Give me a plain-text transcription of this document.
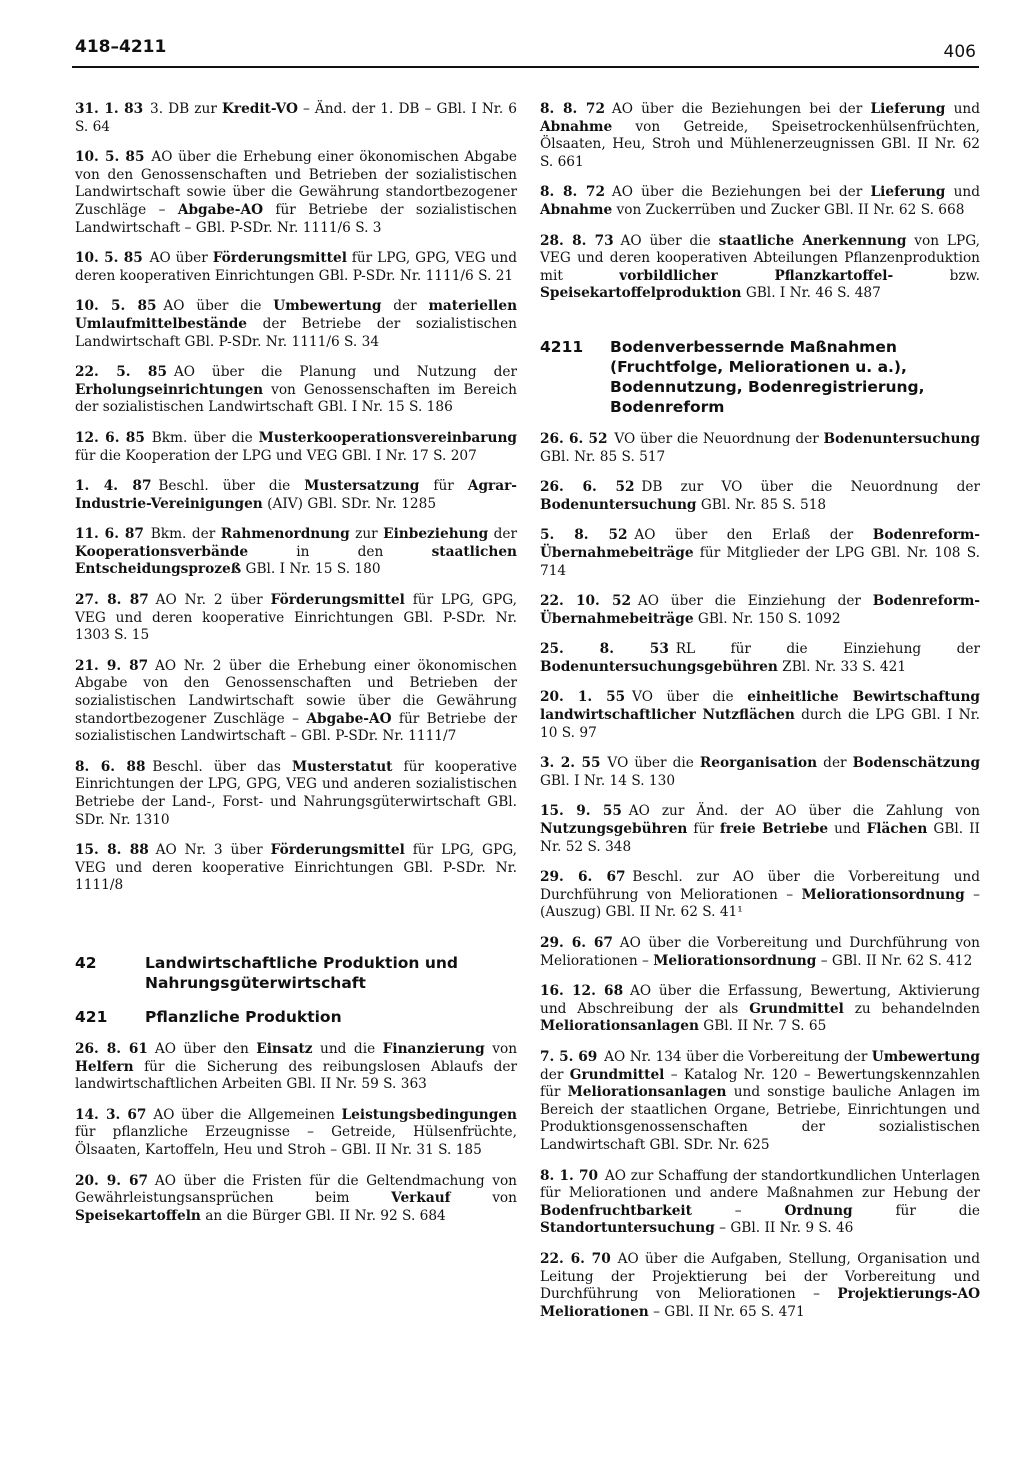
418–4211	406

31. 1. 83  3. DB zur Kredit-VO – Änd. der 1. DB – GBl. I Nr. 6 S. 64

10. 5. 85  AO über die Erhebung einer ökonomischen Abgabe von den Genossenschaften und Betrieben der sozialistischen Landwirtschaft sowie über die Gewährung standortbezogener Zuschläge – Abgabe-AO für Betriebe der sozialistischen Landwirtschaft – GBl. P-SDr. Nr. 1111/6 S. 3

10. 5. 85  AO über Förderungsmittel für LPG, GPG, VEG und deren kooperativen Einrichtungen GBl. P-SDr. Nr. 1111/6 S. 21

10. 5. 85  AO über die Umbewertung der materiellen Umlaufmittelbestände der Betriebe der sozialistischen Landwirtschaft GBl. P-SDr. Nr. 1111/6 S. 34

22. 5. 85  AO über die Planung und Nutzung der Erholungseinrichtungen von Genossenschaften im Bereich der sozialistischen Landwirtschaft GBl. I Nr. 15 S. 186

12. 6. 85  Bkm. über die Musterkooperationsvereinbarung für die Kooperation der LPG und VEG GBl. I Nr. 17 S. 207

1. 4. 87  Beschl. über die Mustersatzung für Agrar-Industrie-Vereinigungen (AIV) GBl. SDr. Nr. 1285

11. 6. 87  Bkm. der Rahmenordnung zur Einbeziehung der Kooperationsverbände in den staatlichen Entscheidungsprozeß GBl. I Nr. 15 S. 180

27. 8. 87  AO Nr. 2 über Förderungsmittel für LPG, GPG, VEG und deren kooperative Einrichtungen GBl. P-SDr. Nr. 1303 S. 15

21. 9. 87  AO Nr. 2 über die Erhebung einer ökonomischen Abgabe von den Genossenschaften und Betrieben der sozialistischen Landwirtschaft sowie über die Gewährung standortbezogener Zuschläge – Abgabe-AO für Betriebe der sozialistischen Landwirtschaft – GBl. P-SDr. Nr. 1111/7

8. 6. 88  Beschl. über das Musterstatut für kooperative Einrichtungen der LPG, GPG, VEG und anderen sozialistischen Betriebe der Land-, Forst- und Nahrungsgüterwirtschaft GBl. SDr. Nr. 1310

15. 8. 88  AO Nr. 3 über Förderungsmittel für LPG, GPG, VEG und deren kooperative Einrichtungen GBl. P-SDr. Nr. 1111/8

42	Landwirtschaftliche Produktion und Nahrungsgüterwirtschaft
421	Pflanzliche Produktion

26. 8. 61  AO über den Einsatz und die Finanzierung von Helfern für die Sicherung des reibungslosen Ablaufs der landwirtschaftlichen Arbeiten GBl. II Nr. 59 S. 363

14. 3. 67  AO über die Allgemeinen Leistungsbedingungen für pflanzliche Erzeugnisse – Getreide, Hülsenfrüchte, Ölsaaten, Kartoffeln, Heu und Stroh – GBl. II Nr. 31 S. 185

20. 9. 67  AO über die Fristen für die Geltendmachung von Gewährleistungsansprüchen beim Verkauf von Speisekartoffeln an die Bürger GBl. II Nr. 92 S. 684

8. 8. 72  AO über die Beziehungen bei der Lieferung und Abnahme von Getreide, Speisetrockenhülsenfrüchten, Ölsaaten, Heu, Stroh und Mühlenerzeugnissen GBl. II Nr. 62 S. 661

8. 8. 72  AO über die Beziehungen bei der Lieferung und Abnahme von Zuckerrüben und Zucker GBl. II Nr. 62 S. 668

28. 8. 73  AO über die staatliche Anerkennung von LPG, VEG und deren kooperativen Abteilungen Pflanzenproduktion mit vorbildlicher Pflanzkartoffel- bzw. Speisekartoffelproduktion GBl. I Nr. 46 S. 487

4211	Bodenverbessernde Maßnahmen (Fruchtfolge, Meliorationen u. a.), Bodennutzung, Bodenregistrierung, Bodenreform

26. 6. 52  VO über die Neuordnung der Bodenuntersuchung GBl. Nr. 85 S. 517

26. 6. 52  DB zur VO über die Neuordnung der Bodenuntersuchung GBl. Nr. 85 S. 518

5. 8. 52  AO über den Erlaß der Bodenreform-Übernahmebeiträge für Mitglieder der LPG GBl. Nr. 108 S. 714

22. 10. 52  AO über die Einziehung der Bodenreform-Übernahmebeiträge GBl. Nr. 150 S. 1092

25. 8. 53  RL für die Einziehung der Bodenuntersuchungsgebühren ZBl. Nr. 33 S. 421

20. 1. 55  VO über die einheitliche Bewirtschaftung landwirtschaftlicher Nutzflächen durch die LPG GBl. I Nr. 10 S. 97

3. 2. 55  VO über die Reorganisation der Bodenschätzung GBl. I Nr. 14 S. 130

15. 9. 55  AO zur Änd. der AO über die Zahlung von Nutzungsgebühren für freie Betriebe und Flächen GBl. II Nr. 52 S. 348

29. 6. 67  Beschl. zur AO über die Vorbereitung und Durchführung von Meliorationen – Meliorationsordnung – (Auszug) GBl. II Nr. 62 S. 41¹

29. 6. 67  AO über die Vorbereitung und Durchführung von Meliorationen – Meliorationsordnung – GBl. II Nr. 62 S. 412

16. 12. 68  AO über die Erfassung, Bewertung, Aktivierung und Abschreibung der als Grundmittel zu behandelnden Meliorationsanlagen GBl. II Nr. 7 S. 65

7. 5. 69  AO Nr. 134 über die Vorbereitung der Umbewertung der Grundmittel – Katalog Nr. 120 – Bewertungskennzahlen für Meliorationsanlagen und sonstige bauliche Anlagen im Bereich der staatlichen Organe, Betriebe, Einrichtungen und Produktionsgenossenschaften der sozialistischen Landwirtschaft GBl. SDr. Nr. 625

8. 1. 70  AO zur Schaffung der standortkundlichen Unterlagen für Meliorationen und andere Maßnahmen zur Hebung der Bodenfruchtbarkeit – Ordnung für die Standortuntersuchung – GBl. II Nr. 9 S. 46

22. 6. 70  AO über die Aufgaben, Stellung, Organisation und Leitung der Projektierung bei der Vorbereitung und Durchführung von Meliorationen – Projektierungs-AO Meliorationen – GBl. II Nr. 65 S. 471
